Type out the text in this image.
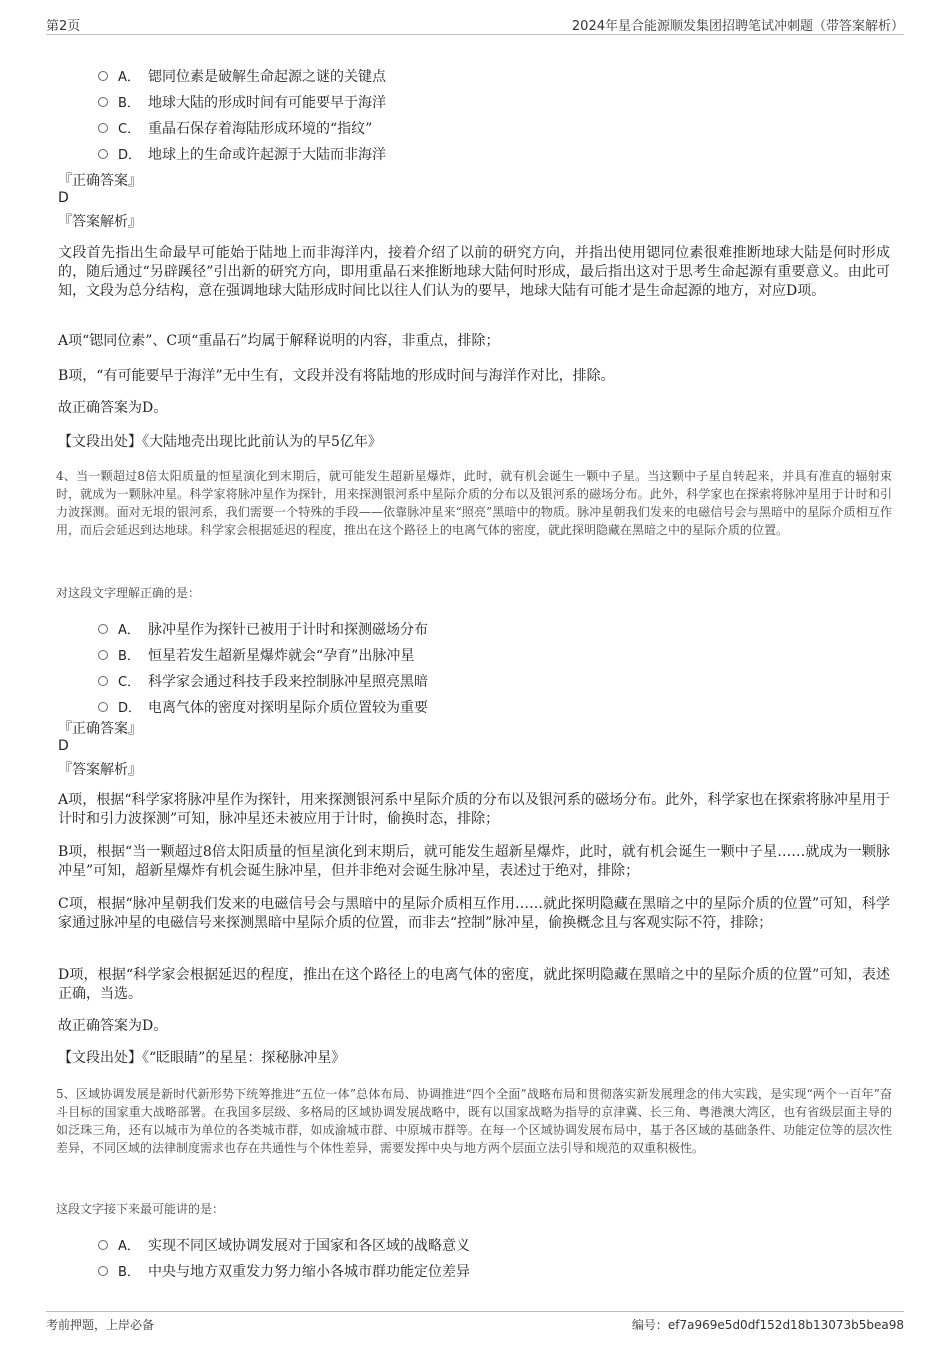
第2页	2024年星合能源顺发集团招聘笔试冲刺题（带答案解析）
A． 锶同位素是破解生命起源之谜的关键点
B． 地球大陆的形成时间有可能要早于海洋
C． 重晶石保存着海陆形成环境的“指纹”
D． 地球上的生命或许起源于大陆而非海洋
『正确答案』
D
『答案解析』
文段首先指出生命最早可能始于陆地上而非海洋内，接着介绍了以前的研究方向，并指出使用锶同位素很难推断地球大陆是何时形成的，随后通过“另辟蹊径”引出新的研究方向，即用重晶石来推断地球大陆何时形成，最后指出这对于思考生命起源有重要意义。由此可知，文段为总分结构，意在强调地球大陆形成时间比以往人们认为的要早，地球大陆有可能才是生命起源的地方，对应D项。
A项“锶同位素”、C项“重晶石”均属于解释说明的内容，非重点，排除；
B项，“有可能要早于海洋”无中生有，文段并没有将陆地的形成时间与海洋作对比，排除。
故正确答案为D。
【文段出处】《大陆地壳出现比此前认为的早5亿年》
4、当一颗超过8倍太阳质量的恒星演化到末期后，就可能发生超新星爆炸，此时，就有机会诞生一颗中子星。当这颗中子星自转起来，并具有准直的辐射束时，就成为一颗脉冲星。科学家将脉冲星作为探针，用来探测银河系中星际介质的分布以及银河系的磁场分布。此外，科学家也在探索将脉冲星用于计时和引力波探测。面对无垠的银河系，我们需要一个特殊的手段——依靠脉冲星来“照亮”黑暗中的物质。脉冲星朝我们发来的电磁信号会与黑暗中的星际介质相互作用，而后会延迟到达地球。科学家会根据延迟的程度，推出在这个路径上的电离气体的密度，就此探明隐藏在黑暗之中的星际介质的位置。
对这段文字理解正确的是：
A． 脉冲星作为探针已被用于计时和探测磁场分布
B． 恒星若发生超新星爆炸就会“孕育”出脉冲星
C． 科学家会通过科技手段来控制脉冲星照亮黑暗
D． 电离气体的密度对探明星际介质位置较为重要
『正确答案』
D
『答案解析』
A项，根据“科学家将脉冲星作为探针，用来探测银河系中星际介质的分布以及银河系的磁场分布。此外，科学家也在探索将脉冲星用于计时和引力波探测”可知，脉冲星还未被应用于计时，偷换时态，排除；
B项，根据“当一颗超过8倍太阳质量的恒星演化到末期后，就可能发生超新星爆炸，此时，就有机会诞生一颗中子星……就成为一颗脉冲星”可知，超新星爆炸有机会诞生脉冲星，但并非绝对会诞生脉冲星，表述过于绝对，排除；
C项，根据“脉冲星朝我们发来的电磁信号会与黑暗中的星际介质相互作用……就此探明隐藏在黑暗之中的星际介质的位置”可知，科学家通过脉冲星的电磁信号来探测黑暗中星际介质的位置，而非去“控制”脉冲星，偷换概念且与客观实际不符，排除；
D项，根据“科学家会根据延迟的程度，推出在这个路径上的电离气体的密度，就此探明隐藏在黑暗之中的星际介质的位置”可知，表述正确，当选。
故正确答案为D。
【文段出处】《“眨眼睛”的星星：探秘脉冲星》
5、区域协调发展是新时代新形势下统筹推进“五位一体”总体布局、协调推进“四个全面”战略布局和贯彻落实新发展理念的伟大实践，是实现“两个一百年”奋斗目标的国家重大战略部署。在我国多层级、多格局的区域协调发展战略中，既有以国家战略为指导的京津冀、长三角、粤港澳大湾区，也有省级层面主导的如泛珠三角，还有以城市为单位的各类城市群，如成渝城市群、中原城市群等。在每一个区域协调发展布局中，基于各区域的基础条件、功能定位等的层次性差异，不同区域的法律制度需求也存在共通性与个体性差异，需要发挥中央与地方两个层面立法引导和规范的双重积极性。
这段文字接下来最可能讲的是：
A． 实现不同区域协调发展对于国家和各区域的战略意义
B． 中央与地方双重发力努力缩小各城市群功能定位差异
考前押题，上岸必备	编号：ef7a969e5d0df152d18b13073b5bea98
